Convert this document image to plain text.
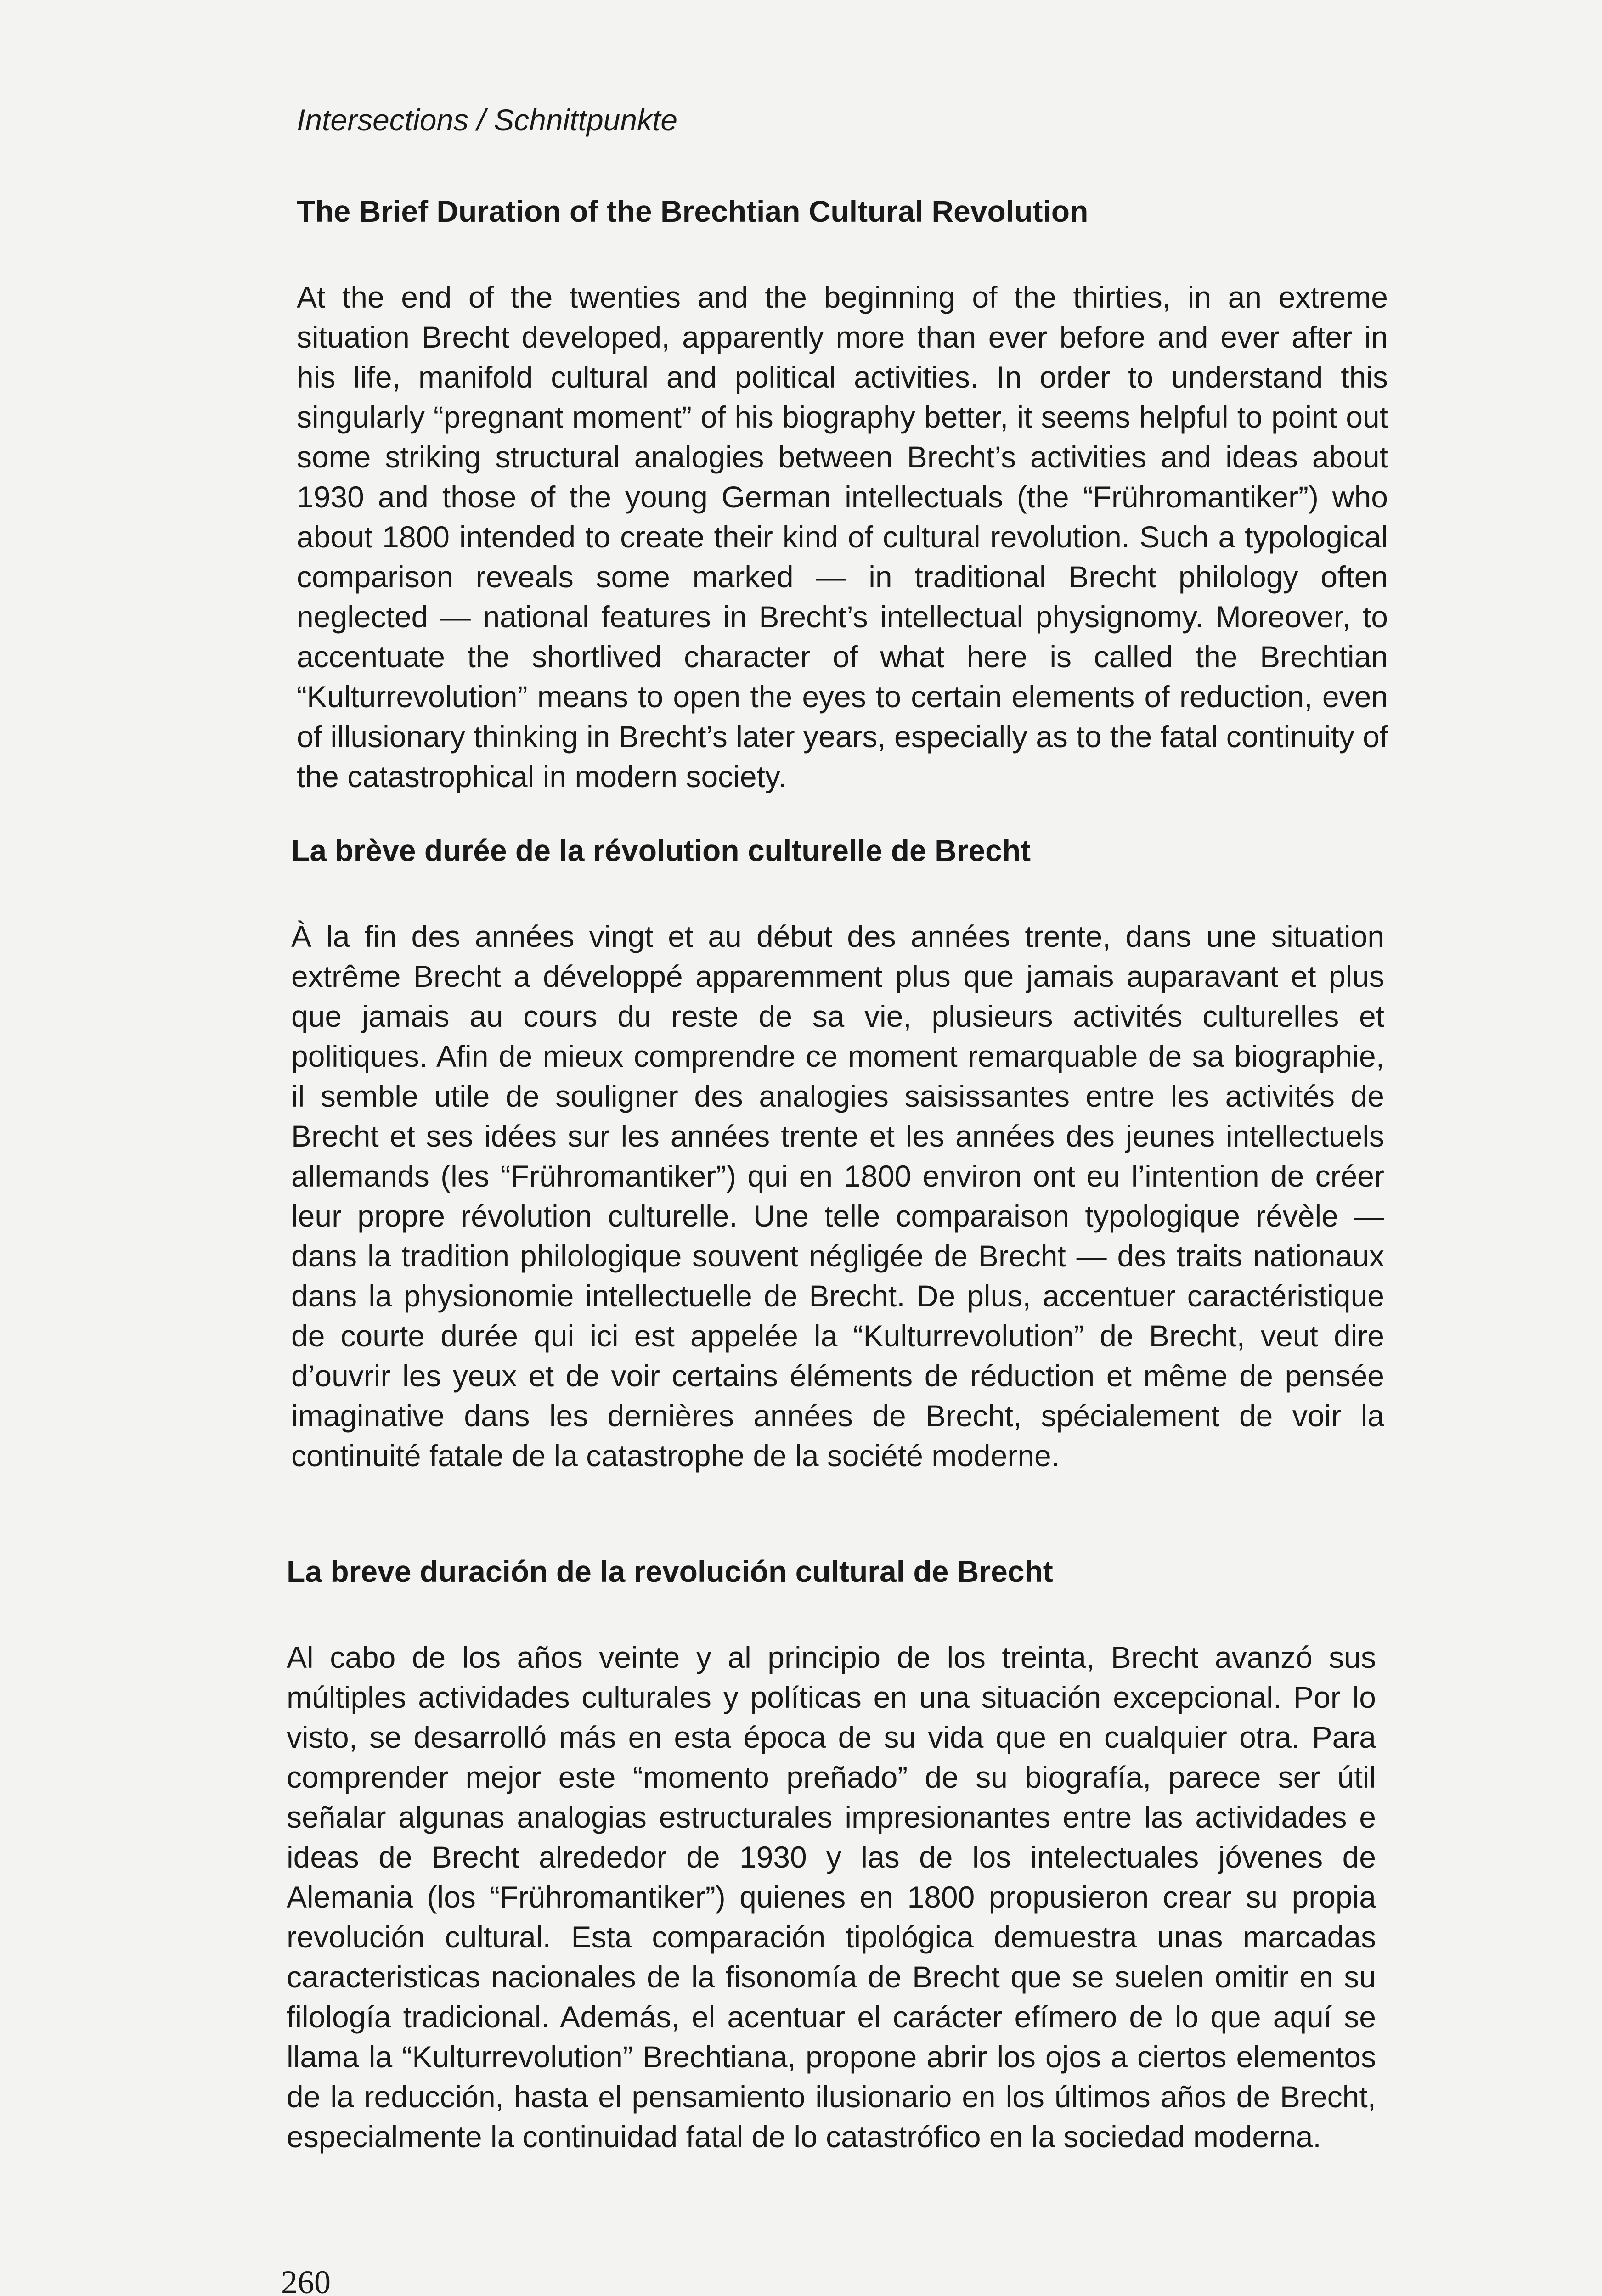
Intersections / Schnittpunkte
The Brief Duration of the Brechtian Cultural Revolution

At the end of the twenties and the beginning of the thirties, in an extreme situation Brecht developed, apparently more than ever before and ever after in his life, manifold cultural and political activities. In order to understand this singularly “pregnant moment” of his biography better, it seems helpful to point out some striking structural analogies between Brecht’s activities and ideas about 1930 and those of the young German intellectuals (the “Frühromantiker”) who about 1800 intended to create their kind of cultural revolution. Such a typological comparison reveals some marked — in traditional Brecht philology often neglected — national features in Brecht’s intellectual physignomy. Moreover, to accentuate the shortlived character of what here is called the Brechtian “Kulturrevolution” means to open the eyes to certain elements of reduction, even of illusionary thinking in Brecht’s later years, especially as to the fatal continuity of the catastrophical in modern society.

La brève durée de la révolution culturelle de Brecht

À la fin des années vingt et au début des années trente, dans une situation extrême Brecht a développé apparemment plus que jamais auparavant et plus que jamais au cours du reste de sa vie, plusieurs activités culturelles et politiques. Afin de mieux comprendre ce moment remarquable de sa biographie, il semble utile de souligner des analogies saisissantes entre les activités de Brecht et ses idées sur les années trente et les années des jeunes intellectuels allemands (les “Frühromantiker”) qui en 1800 environ ont eu l’intention de créer leur propre révolution culturelle. Une telle comparaison typologique révèle — dans la tradition philologique souvent négligée de Brecht — des traits nationaux dans la physionomie intellectuelle de Brecht. De plus, accentuer caractéristique de courte durée qui ici est appelée la “Kulturrevolution” de Brecht, veut dire d’ouvrir les yeux et de voir certains éléments de réduction et même de pensée imaginative dans les dernières années de Brecht, spécialement de voir la continuité fatale de la catastrophe de la société moderne.

La breve duración de la revolución cultural de Brecht

Al cabo de los años veinte y al principio de los treinta, Brecht avanzó sus múltiples actividades culturales y políticas en una situación excepcional. Por lo visto, se desarrolló más en esta época de su vida que en cualquier otra. Para comprender mejor este “momento preñado” de su biografía, parece ser útil señalar algunas analogias estructurales impresionantes entre las actividades e ideas de Brecht alrededor de 1930 y las de los intelectuales jóvenes de Alemania (los “Frühromantiker”) quienes en 1800 propusieron crear su propia revolución cultural. Esta comparación tipológica demuestra unas marcadas caracteristicas nacionales de la fisonomía de Brecht que se suelen omitir en su filología tradicional. Además, el acentuar el carácter efímero de lo que aquí se llama la “Kulturrevolution” Brechtiana, propone abrir los ojos a ciertos elementos de la reducción, hasta el pensamiento ilusionario en los últimos años de Brecht, especialmente la continuidad fatal de lo catastrófico en la sociedad moderna.

260
